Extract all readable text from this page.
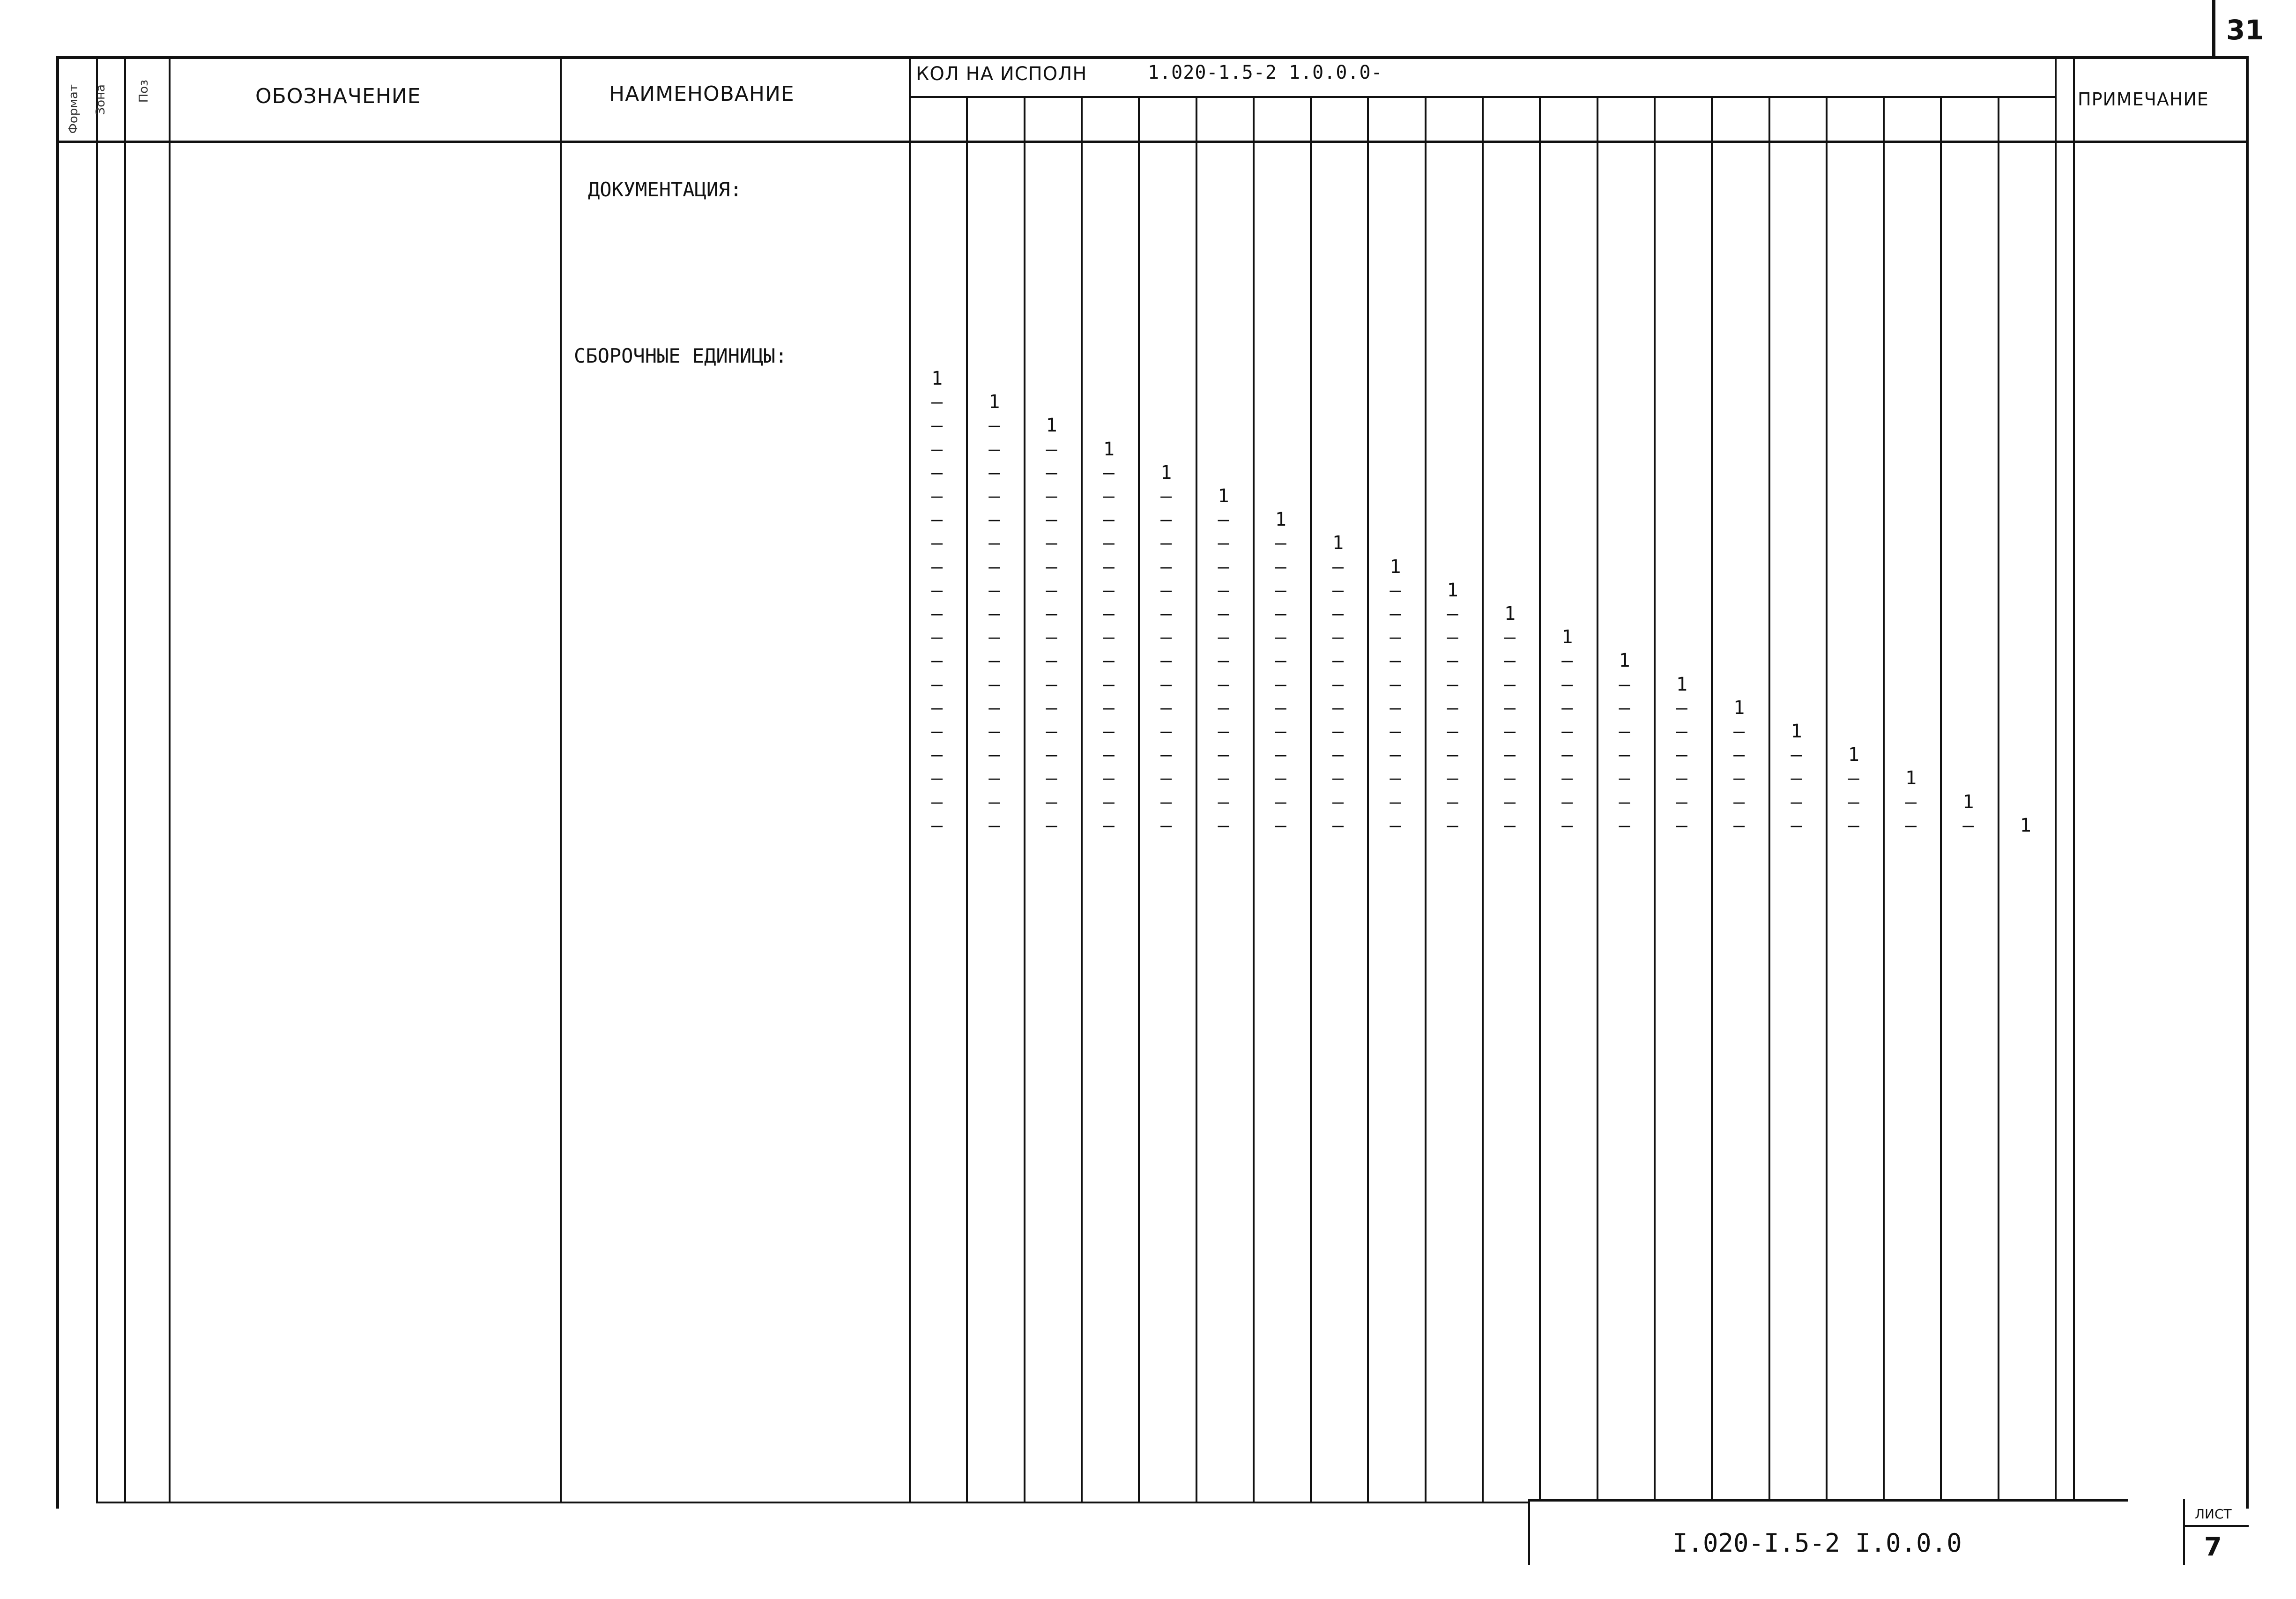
31
Формат Зона Поз	ОБОЗНАЧЕНИЕ	НАИМЕНОВАНИЕ
КОЛ НА ИСПОЛН	1.020-1.5-2 1.0.0.0-
ПРИМЕЧАНИЕ
ДОКУМЕНТАЦИЯ:
СБОРОЧНЫЕ ЕДИНИЦЫ:
1
— 1
— — 1
— — — 1
— — — — 1
— — — — — 1
— — — — — — 1
— — — — — — — 1
— — — — — — — — 1
— — — — — — — — — 1
— — — — — — — — — — 1
— — — — — — — — — — — 1
— — — — — — — — — — — — 1
— — — — — — — — — — — — — 1
— — — — — — — — — — — — — — 1
— — — — — — — — — — — — — — — 1
— — — — — — — — — — — — — — — — 1
— — — — — — — — — — — — — — — — — 1
— — — — — — — — — — — — — — — — — — 1
— — — — — — — — — — — — — — — — — — — 1
I.020-I.5-2 I.0.0.0
ЛИСТ
7
